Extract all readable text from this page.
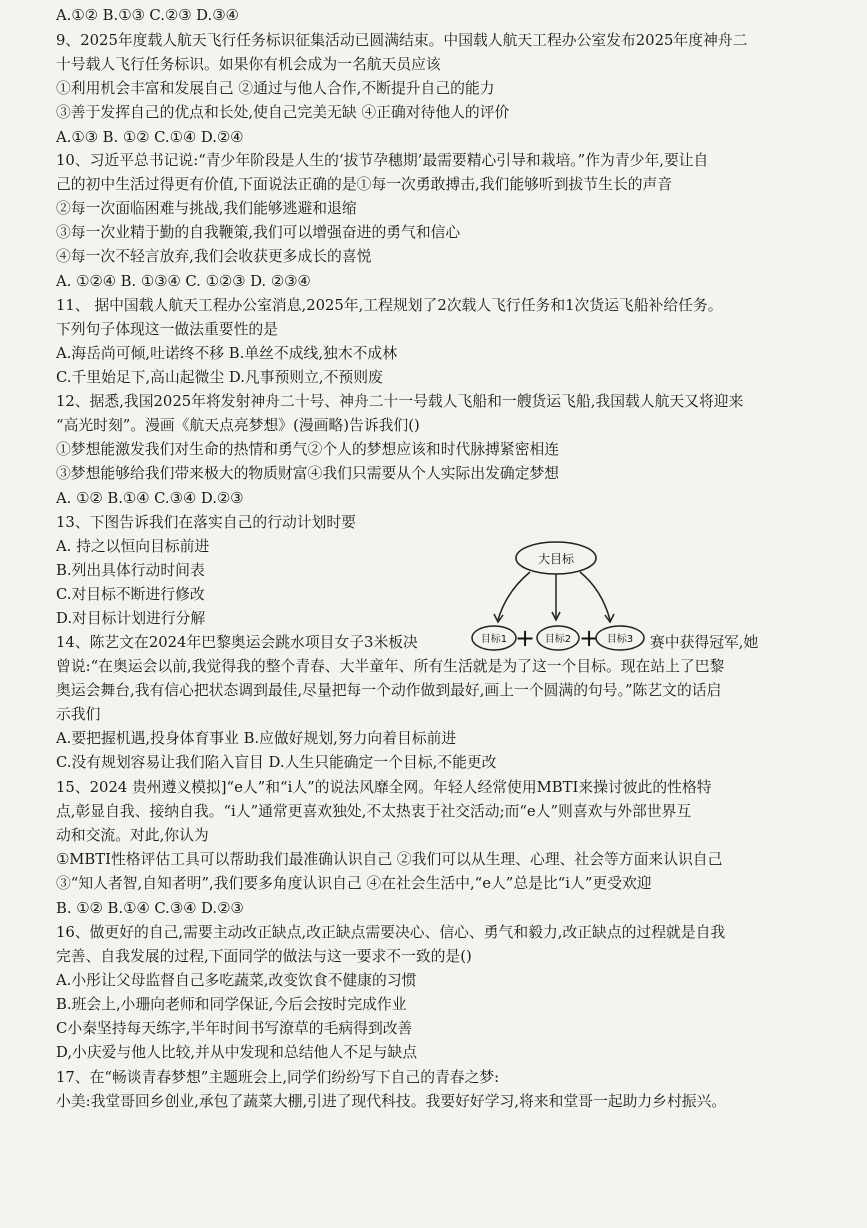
A.①② B.①③ C.②③ D.③④
9、2025年度载人航天飞行任务标识征集活动已圆满结束。中国载人航天工程办公室发布2025年度神舟二
十号载人飞行任务标识。如果你有机会成为一名航天员应该
①利用机会丰富和发展自己 ②通过与他人合作,不断提升自己的能力
③善于发挥自己的优点和长处,使自己完美无缺 ④正确对待他人的评价
A.①③ B. ①② C.①④ D.②④
10、习近平总书记说:“青少年阶段是人生的‘拔节孕穗期’最需要精心引导和栽培。”作为青少年,要让自
己的初中生活过得更有价值,下面说法正确的是①每一次勇敢搏击,我们能够听到拔节生长的声音
②每一次面临困难与挑战,我们能够逃避和退缩
③每一次业精于勤的自我鞭策,我们可以增强奋进的勇气和信心
④每一次不轻言放弃,我们会收获更多成长的喜悦
A. ①②④ B. ①③④ C. ①②③ D. ②③④
11、 据中国载人航天工程办公室消息,2025年,工程规划了2次载人飞行任务和1次货运飞船补给任务。
下列句子体现这一做法重要性的是
A.海岳尚可倾,吐诺终不移 B.单丝不成线,独木不成林
C.千里始足下,高山起微尘 D.凡事预则立,不预则废
12、据悉,我国2025年将发射神舟二十号、神舟二十一号载人飞船和一艘货运飞船,我国载人航天又将迎来
“高光时刻”。漫画《航天点亮梦想》(漫画略)告诉我们()
①梦想能激发我们对生命的热情和勇气②个人的梦想应该和时代脉搏紧密相连
③梦想能够给我们带来极大的物质财富④我们只需要从个人实际出发确定梦想
A. ①② B.①④ C.③④ D.②③
13、下图告诉我们在落实自己的行动计划时要
A. 持之以恒向目标前进
B.列出具体行动时间表
C.对目标不断进行修改
D.对目标计划进行分解
大目标
目标1 + 目标2 + 目标3
14、陈艺文在2024年巴黎奥运会跳水项目女子3米板决	赛中获得冠军,她
曾说:“在奥运会以前,我觉得我的整个青春、大半童年、所有生活就是为了这一个目标。现在站上了巴黎
奥运会舞台,我有信心把状态调到最佳,尽量把每一个动作做到最好,画上一个圆满的句号。”陈艺文的话启
示我们
A.要把握机遇,投身体育事业 B.应做好规划,努力向着目标前进
C.没有规划容易让我们陷入盲目 D.人生只能确定一个目标,不能更改
15、2024 贵州遵义模拟]“e人”和“i人”的说法风靡全网。年轻人经常使用MBTI来操讨彼此的性格特
点,彰显自我、接纳自我。“i人”通常更喜欢独处,不太热衷于社交活动;而“e人”则喜欢与外部世界互
动和交流。对此,你认为
①MBTI性格评估工具可以帮助我们最准确认识自己 ②我们可以从生理、心理、社会等方面来认识自己
③“知人者智,自知者明”,我们要多角度认识自己 ④在社会生活中,“e人”总是比“i人”更受欢迎
B. ①② B.①④ C.③④ D.②③
16、做更好的自己,需要主动改正缺点,改正缺点需要决心、信心、勇气和毅力,改正缺点的过程就是自我
完善、自我发展的过程,下面同学的做法与这一要求不一致的是()
A.小彤让父母监督自己多吃蔬菜,改变饮食不健康的习惯
B.班会上,小珊向老师和同学保证,今后会按时完成作业
C小秦坚持每天练字,半年时间书写潦草的毛病得到改善
D,小庆爱与他人比较,并从中发现和总结他人不足与缺点
17、在“畅谈青春梦想”主题班会上,同学们纷纷写下自己的青春之梦:
小美:我堂哥回乡创业,承包了蔬菜大棚,引进了现代科技。我要好好学习,将来和堂哥一起助力乡村振兴。
